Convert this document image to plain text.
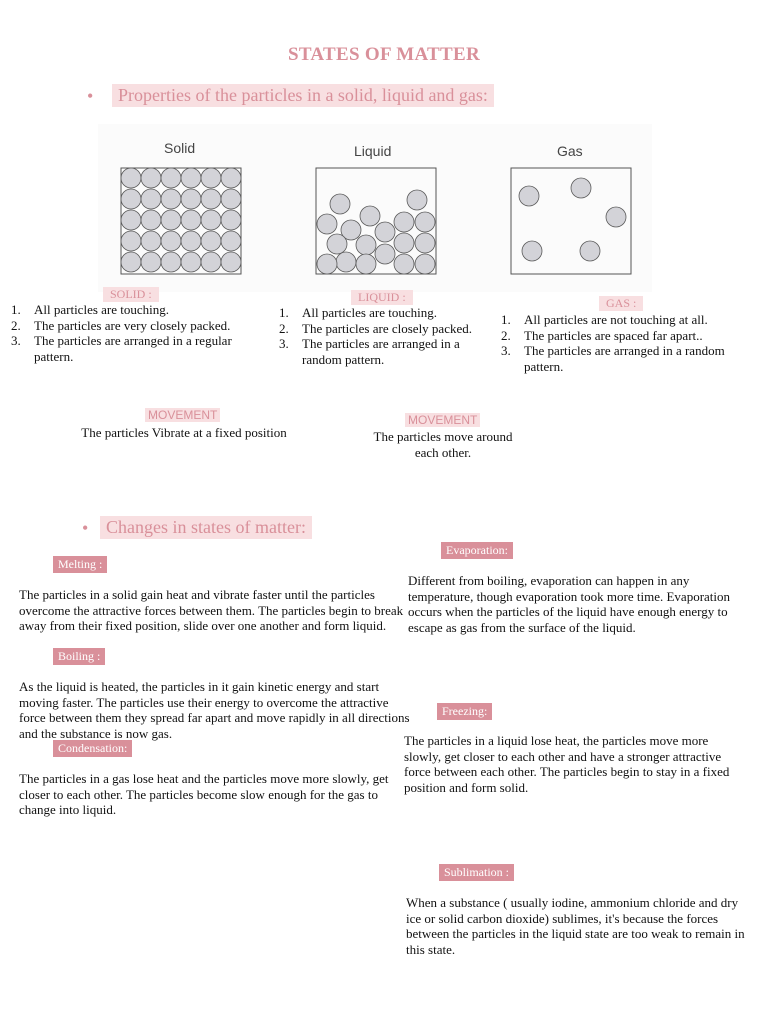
STATES OF MATTER
•	Properties of the particles in a solid, liquid and gas:
Solid	Liquid	Gas
SOLID :
1. All particles are touching.
2. The particles are very closely packed.
3. The particles are arranged in a regular pattern.
LIQUID :
1. All particles are touching.
2. The particles are closely packed.
3. The particles are arranged in a random pattern.
GAS :
1. All particles are not touching at all.
2. The particles are spaced far apart..
3. The particles are arranged in a random pattern.
MOVEMENT
The particles Vibrate at a fixed position
MOVEMENT
The particles move around each other.
• Changes in states of matter:
Melting :
The particles in a solid gain heat and vibrate faster until the particles overcome the attractive forces between them. The particles begin to break away from their fixed position, slide over one another and form liquid.
Boiling :
As the liquid is heated, the particles in it gain kinetic energy and start moving faster. The particles use their energy to overcome the attractive force between them they spread far apart and move rapidly in all directions and the substance is now gas.
Condensation:
The particles in a gas lose heat and the particles move more slowly, get closer to each other. The particles become slow enough for the gas to change into liquid.
Evaporation:
Different from boiling, evaporation can happen in any temperature, though evaporation took more time. Evaporation occurs when the particles of the liquid have enough energy to escape as gas from the surface of the liquid.
Freezing:
The particles in a liquid lose heat, the particles move more slowly, get closer to each other and have a stronger attractive force between each other. The particles begin to stay in a fixed position and form solid.
Sublimation :
When a substance ( usually iodine, ammonium chloride and dry ice or solid carbon dioxide) sublimes, it's because the forces between the particles in the liquid state are too weak to remain in this state.
